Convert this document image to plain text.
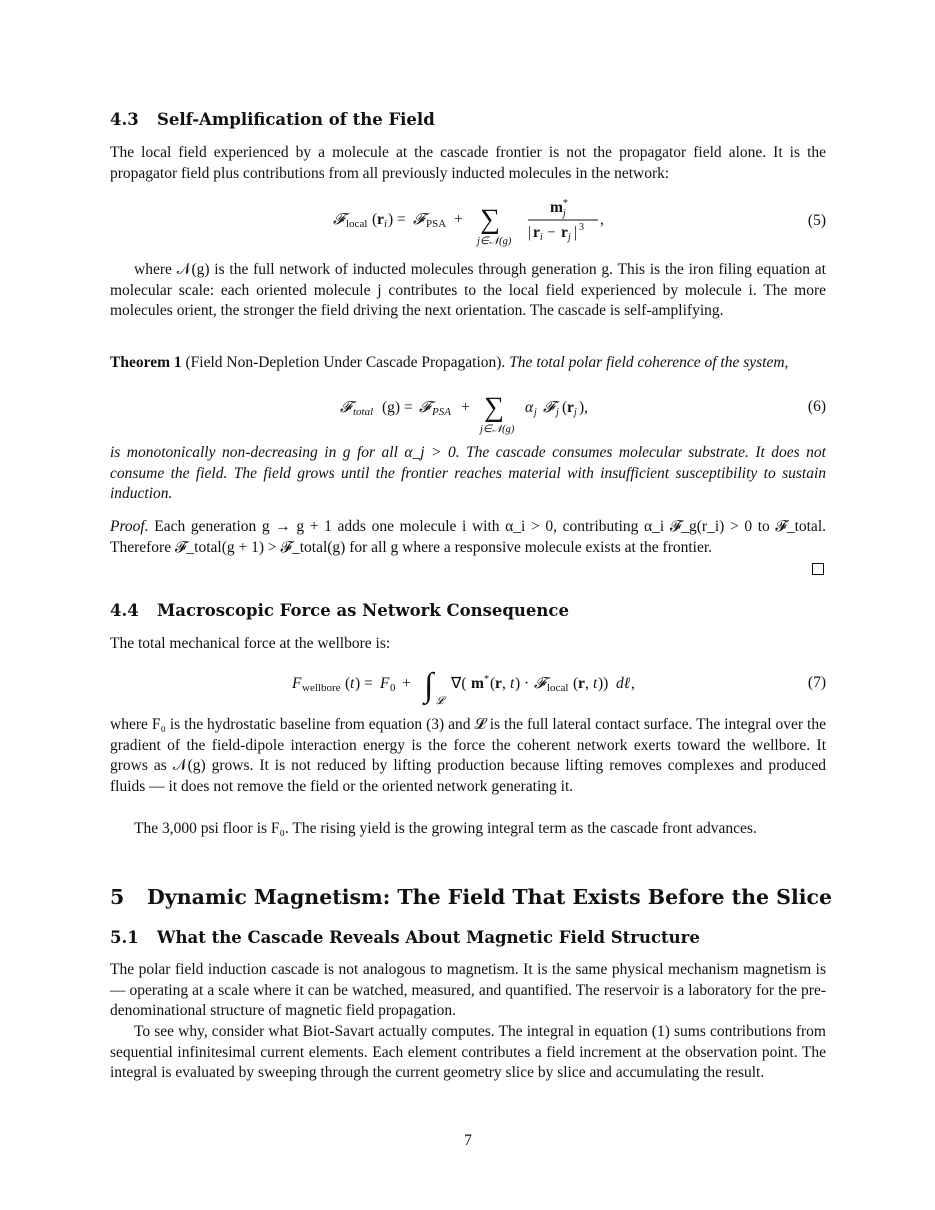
4.3 Self-Amplification of the Field

The local field experienced by a molecule at the cascade frontier is not the propagator field alone. It is the propagator field plus contributions from all previously inducted molecules in the network:

𝓕 local ( r i ) = 𝓕 PSA + ∑
j∈𝒩(g)
m *
j
| r i − r j | 3 ,	(5)

where 𝒩(g) is the full network of inducted molecules through generation g. This is the iron filing equation at molecular scale: each oriented molecule j contributes to the local field experienced by molecule i. The more molecules orient, the stronger the field driving the next orientation. The cascade is self-amplifying.

Theorem 1 (Field Non-Depletion Under Cascade Propagation). The total polar field coherence of the system,

𝓕 total (g) = 𝓕 PSA + ∑
j∈𝒩(g)
α j 𝓕 j ( r j ),	(6)

is monotonically non-decreasing in g for all α_j > 0. The cascade consumes molecular substrate. It does not consume the field. The field grows until the frontier reaches material with insufficient susceptibility to sustain induction.

Proof. Each generation g → g + 1 adds one molecule i with α_i > 0, contributing α_i 𝓕_g(r_i) > 0 to 𝓕_total. Therefore 𝓕_total(g + 1) > 𝓕_total(g) for all g where a responsive molecule exists at the frontier.

4.4 Macroscopic Force as Network Consequence

The total mechanical force at the wellbore is:

F wellbore ( t ) = F 0 + ∫ 𝓛
∇( m * ( r , t ) · 𝓕 local ( r , t )) dℓ ,	(7)

where F₀ is the hydrostatic baseline from equation (3) and 𝓛 is the full lateral contact surface. The integral over the gradient of the field-dipole interaction energy is the force the coherent network exerts toward the wellbore. It grows as 𝒩(g) grows. It is not reduced by lifting production because lifting removes complexes and produced fluids — it does not remove the field or the oriented network generating it.

The 3,000 psi floor is F₀. The rising yield is the growing integral term as the cascade front advances.

5 Dynamic Magnetism: The Field That Exists Before the Slice
5.1 What the Cascade Reveals About Magnetic Field Structure

The polar field induction cascade is not analogous to magnetism. It is the same physical mechanism magnetism is — operating at a scale where it can be watched, measured, and quantified. The reservoir is a laboratory for the pre-denominational structure of magnetic field propagation.

To see why, consider what Biot-Savart actually computes. The integral in equation (1) sums contributions from sequential infinitesimal current elements. Each element contributes a field increment at the observation point. The integral is evaluated by sweeping through the current geometry slice by slice and accumulating the result.

7
